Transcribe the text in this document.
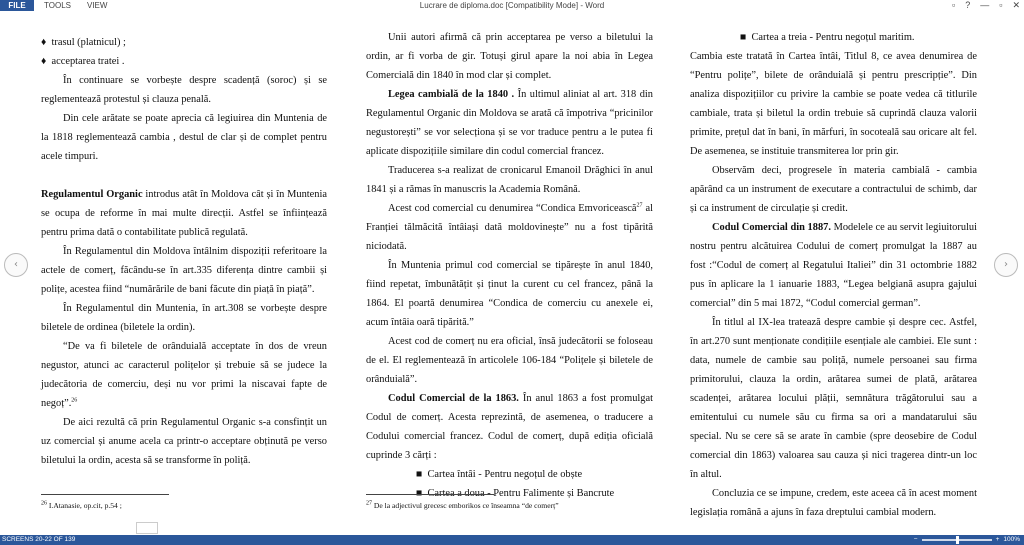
FILE	TOOLS VIEW	Lucrare de diploma.doc [Compatibility Mode] - Word	▫ ? — ▫ ✕
♦  trasul (platnicul) ;
♦  acceptarea tratei .

În continuare se vorbește despre scadență (soroc) și se reglementează protestul și clauza penală.

Din cele arătate se poate aprecia că legiuirea din Muntenia de la 1818 reglementează cambia , destul de clar și de complet pentru acele timpuri.

Regulamentul Organic introdus atât în Moldova cât și în Muntenia se ocupa de reforme în mai multe direcții. Astfel se înființează pentru prima dată o contabilitate publică regulată.

În Regulamentul din Moldova întâlnim dispoziții referitoare la actele de comerț, făcându-se în art.335 diferența dintre cambii și polițe, acestea fiind “numărările de bani făcute din piață în piață”.

În Regulamentul din Muntenia, în art.308 se vorbește despre biletele de ordinea (biletele la ordin).

“De va fi biletele de orânduială acceptate în dos de vreun negustor, atunci ac caracterul polițelor și trebuie să se judece la judecătoria de comerciu, deși nu vor primi la niscavai fapte de negoț”.$^{26}$

De aici rezultă că prin Regulamentul Organic s-a consfințit un uz comercial și anume acela ca printr-o acceptare obținută pe verso biletului la ordin, acesta să se transforme în poliță.

$^{26}$ I.Atanasie, op.cit, p.54 ;

Unii autori afirmă că prin acceptarea pe verso a biletului la ordin, ar fi vorba de gir. Totuși girul apare la noi abia în Legea Comercială din 1840 în mod clar și complet.

Legea cambială de la 1840 . În ultimul aliniat al art. 318 din Regulamentul Organic din Moldova se arată că împotriva “pricinilor negustorești” se vor selecționa și se vor traduce pentru a le putea fi aplicate dispozițiile similare din codul comercial francez.

Traducerea s-a realizat de cronicarul Emanoil Drăghici în anul 1841 și a rămas în manuscris la Academia Română.

Acest cod comercial cu denumirea “Condica Emvoricească$^{27}$ al Franției tălmăcită întâiași dată moldovinește” nu a fost tipărită niciodată.

În Muntenia primul cod comercial se tipărește în anul 1840, fiind repetat, îmbunătățit și ținut la curent cu cel francez, până la 1864. El poartă denumirea “Condica de comerciu cu anexele ei, acum întâia oară tipărită.”

Acest cod de comerț nu era oficial, însă judecătorii se foloseau de el. El reglementează în articolele 106-184 “Polițele și biletele de orânduială”.

Codul Comercial de la 1863. În anul 1863 a fost promulgat Codul de comerț. Acesta reprezintă, de asemenea, o traducere a Codului comercial francez. Codul de comerț, după ediția oficială cuprinde 3 cărți :

■  Cartea întâi - Pentru negoțul de obște
■  Cartea a doua - Pentru Falimente și Bancrute
$^{27}$ De la adjectivul grecesc emborikos ce înseamna “de comerț”
■  Cartea a treia - Pentru negoțul maritim.

Cambia este tratată în Cartea întâi, Titlul 8, ce avea denumirea de “Pentru polițe”, bilete de orânduială și pentru prescripție”. Din analiza dispozițiilor cu privire la cambie se poate vedea că titlurile cambiale, trata și biletul la ordin trebuie să cuprindă clauza valorii primite, prețul dat în bani, în mărfuri, în socoteală sau oricare alt fel. De asemenea, se instituie transmiterea lor prin gir.

Observăm deci, progresele în materia cambială - cambia apărând ca un instrument de executare a contractului de schimb, dar și ca instrument de circulație și credit.

Codul Comercial din 1887. Modelele ce au servit legiuitorului nostru pentru alcătuirea Codului de comerț promulgat la 1887 au fost :“Codul de comerț al Regatului Italiei” din 31 octombrie 1882 pus în aplicare la 1 ianuarie 1883, “Legea belgiană asupra gajului comercial” din 5 mai 1872, “Codul comercial german”.

În titlul al IX-lea tratează despre cambie și despre cec. Astfel, în art.270 sunt menționate condițiile esențiale ale cambiei. Ele sunt : data, numele de cambie sau poliță, numele persoanei sau firma primitorului, clauza la ordin, arătarea sumei de plată, arătarea scadenței, arătarea locului plății, semnătura trăgătorului sau a emitentului cu numele său cu firma sa ori a mandatarului său special. Nu se cere să se arate în cambie (spre deosebire de Codul comercial din 1863) valoarea sau cauza și nici tragerea dintr-un loc în altul.

Concluzia ce se impune, credem, este aceea că în acest moment legislația română a ajuns în faza dreptului cambial modern.

‹	›
SCREENS 20-22 OF 139	−	+ 100%
